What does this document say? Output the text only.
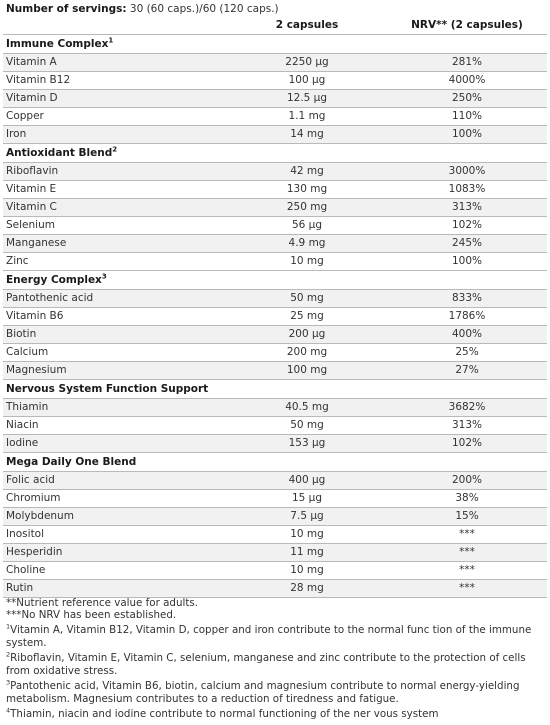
Number of servings: 30 (60 caps.)/60 (120 caps.)
	2 capsules	NRV** (2 capsules)
Immune Complex$^1$
Vitamin A	2250 µg	281%
Vitamin B12	100 µg	4000%
Vitamin D	12.5 µg	250%
Copper	1.1 mg	110%
Iron	14 mg	100%
Antioxidant Blend$^2$
Riboflavin	42 mg	3000%
Vitamin E	130 mg	1083%
Vitamin C	250 mg	313%
Selenium	56 µg	102%
Manganese	4.9 mg	245%
Zinc	10 mg	100%
Energy Complex$^3$
Pantothenic acid	50 mg	833%
Vitamin B6	25 mg	1786%
Biotin	200 µg	400%
Calcium	200 mg	25%
Magnesium	100 mg	27%
Nervous System Function Support		
Thiamin	40.5 mg	3682%
Niacin	50 mg	313%
Iodine	153 µg	102%
Mega Daily One Blend		
Folic acid	400 µg	200%
Chromium	15 µg	38%
Molybdenum	7.5 µg	15%
Inositol	10 mg	***
Hesperidin	11 mg	***
Choline	10 mg	***
Rutin	28 mg	***
**Nutrient reference value for adults.
***No NRV has been established.
$^1$Vitamin A, Vitamin B12, Vitamin D, copper and iron contribute to the normal func tion of the immune system.
$^2$Riboflavin, Vitamin E, Vitamin C, selenium, manganese and zinc contribute to the protection of cells from oxidative stress.
$^3$Pantothenic acid, Vitamin B6, biotin, calcium and magnesium contribute to normal energy-yielding metabolism. Magnesium contributes to a reduction of tiredness and fatigue.
$^4$Thiamin, niacin and iodine contribute to normal functioning of the ner vous system
